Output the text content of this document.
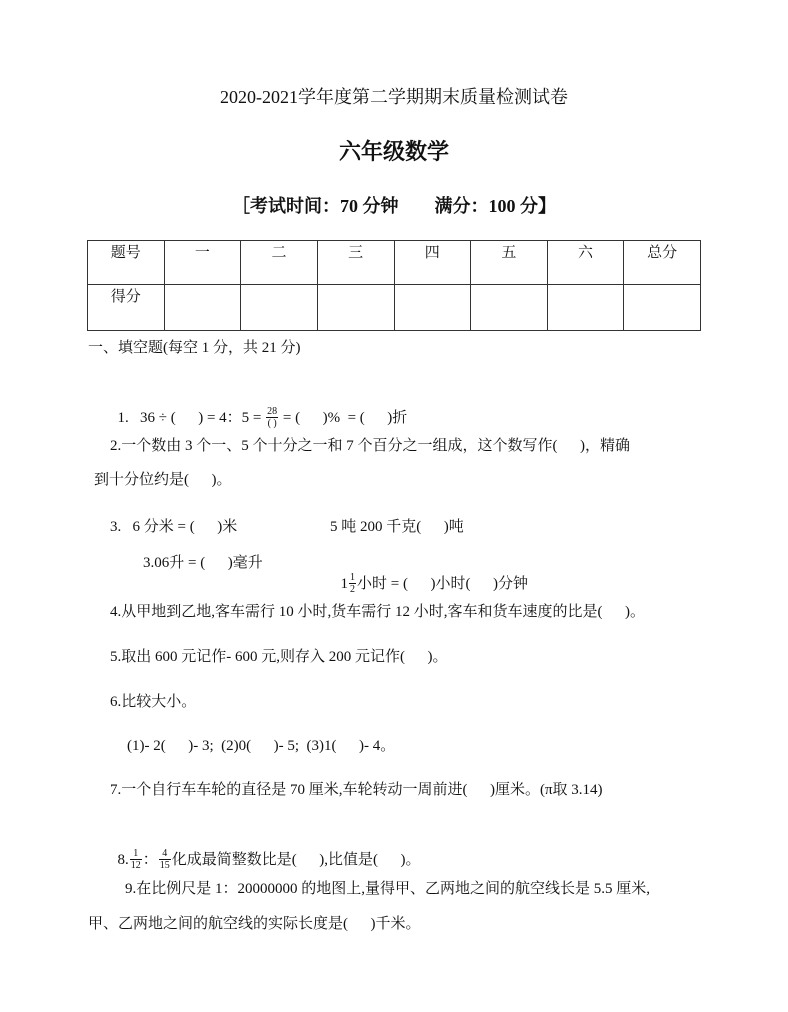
2020-2021学年度第二学期期末质量检测试卷
六年级数学
［考试时间：70 分钟　　满分：100 分】
题号	一	二	三	四	五	六	总分
得分							
一、填空题(每空 1 分，共 21 分)

1.   36 ÷ (      ) = 4：$5 = \frac{28}{( )}$ = (      )%  = (      )折

2.一个数由 3 个一、5 个十分之一和 7 个百分之一组成，这个数写作(      )，精确
到十分位约是(      )。
3.   6 分米 = (      )米	5 吨 200 千克(      )吨
3.06升 = (      )毫升

$1 \frac{1}{2}$ 小时 = (      )小时(      )分钟

4.从甲地到乙地,客车需行 10 小时,货车需行 12 小时,客车和货车速度的比是(      )。
5.取出 600 元记作- 600 元,则存入 200 元记作(      )。
6.比较大小。
(1)- 2(      )- 3;  (2)0(      )- 5;  (3)1(      )- 4。
7.一个自行车车轮的直径是 70 厘米,车轮转动一周前进(      )厘米。(π取 3.14)

8. $\frac{1}{12}$ ： $\frac{4}{15}$ 化成最简整数比是(      ),比值是(      )。

9.在比例尺是 1：20000000 的地图上,量得甲、乙两地之间的航空线长是 5.5 厘米,
甲、乙两地之间的航空线的实际长度是(      )千米。
